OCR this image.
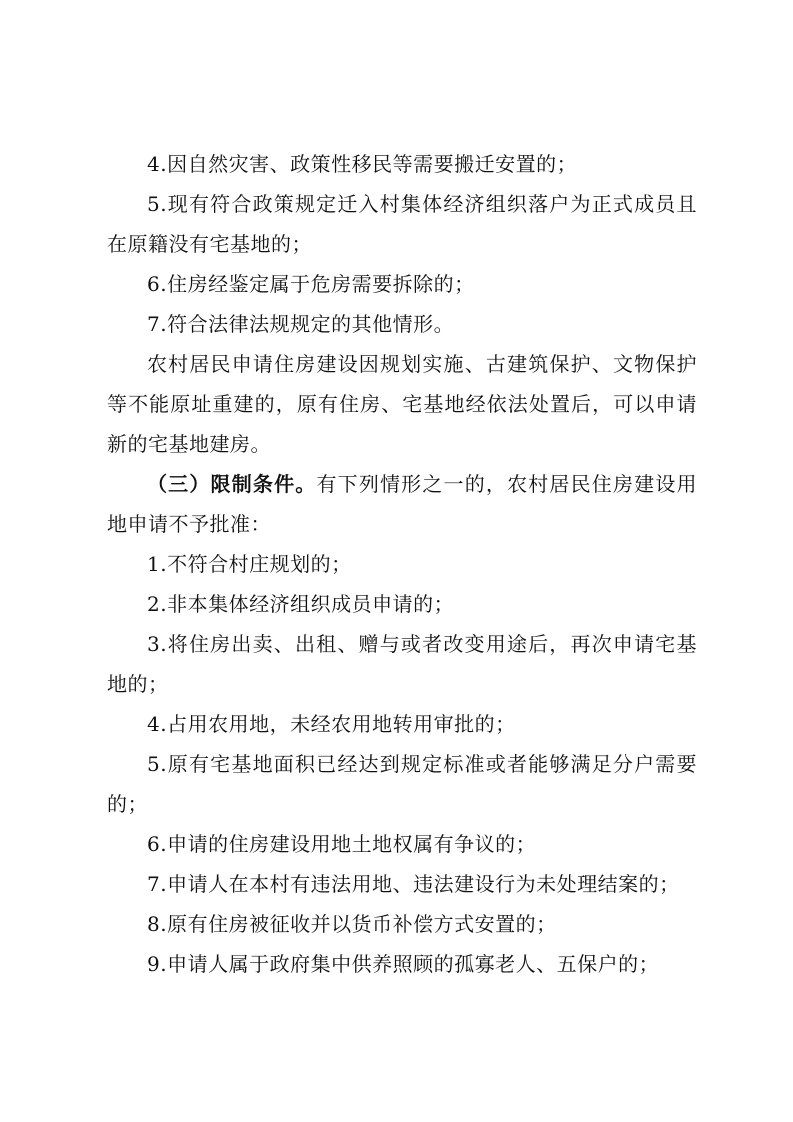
4.因自然灾害、政策性移民等需要搬迁安置的；

5.现有符合政策规定迁入村集体经济组织落户为正式成员且在原籍没有宅基地的；

6.住房经鉴定属于危房需要拆除的；

7.符合法律法规规定的其他情形。

农村居民申请住房建设因规划实施、古建筑保护、文物保护等不能原址重建的，原有住房、宅基地经依法处置后，可以申请新的宅基地建房。

（三）限制条件。有下列情形之一的，农村居民住房建设用地申请不予批准：

1.不符合村庄规划的；

2.非本集体经济组织成员申请的；

3.将住房出卖、出租、赠与或者改变用途后，再次申请宅基地的；

4.占用农用地，未经农用地转用审批的；

5.原有宅基地面积已经达到规定标准或者能够满足分户需要的；

6.申请的住房建设用地土地权属有争议的；

7.申请人在本村有违法用地、违法建设行为未处理结案的；

8.原有住房被征收并以货币补偿方式安置的；

9.申请人属于政府集中供养照顾的孤寡老人、五保户的；
